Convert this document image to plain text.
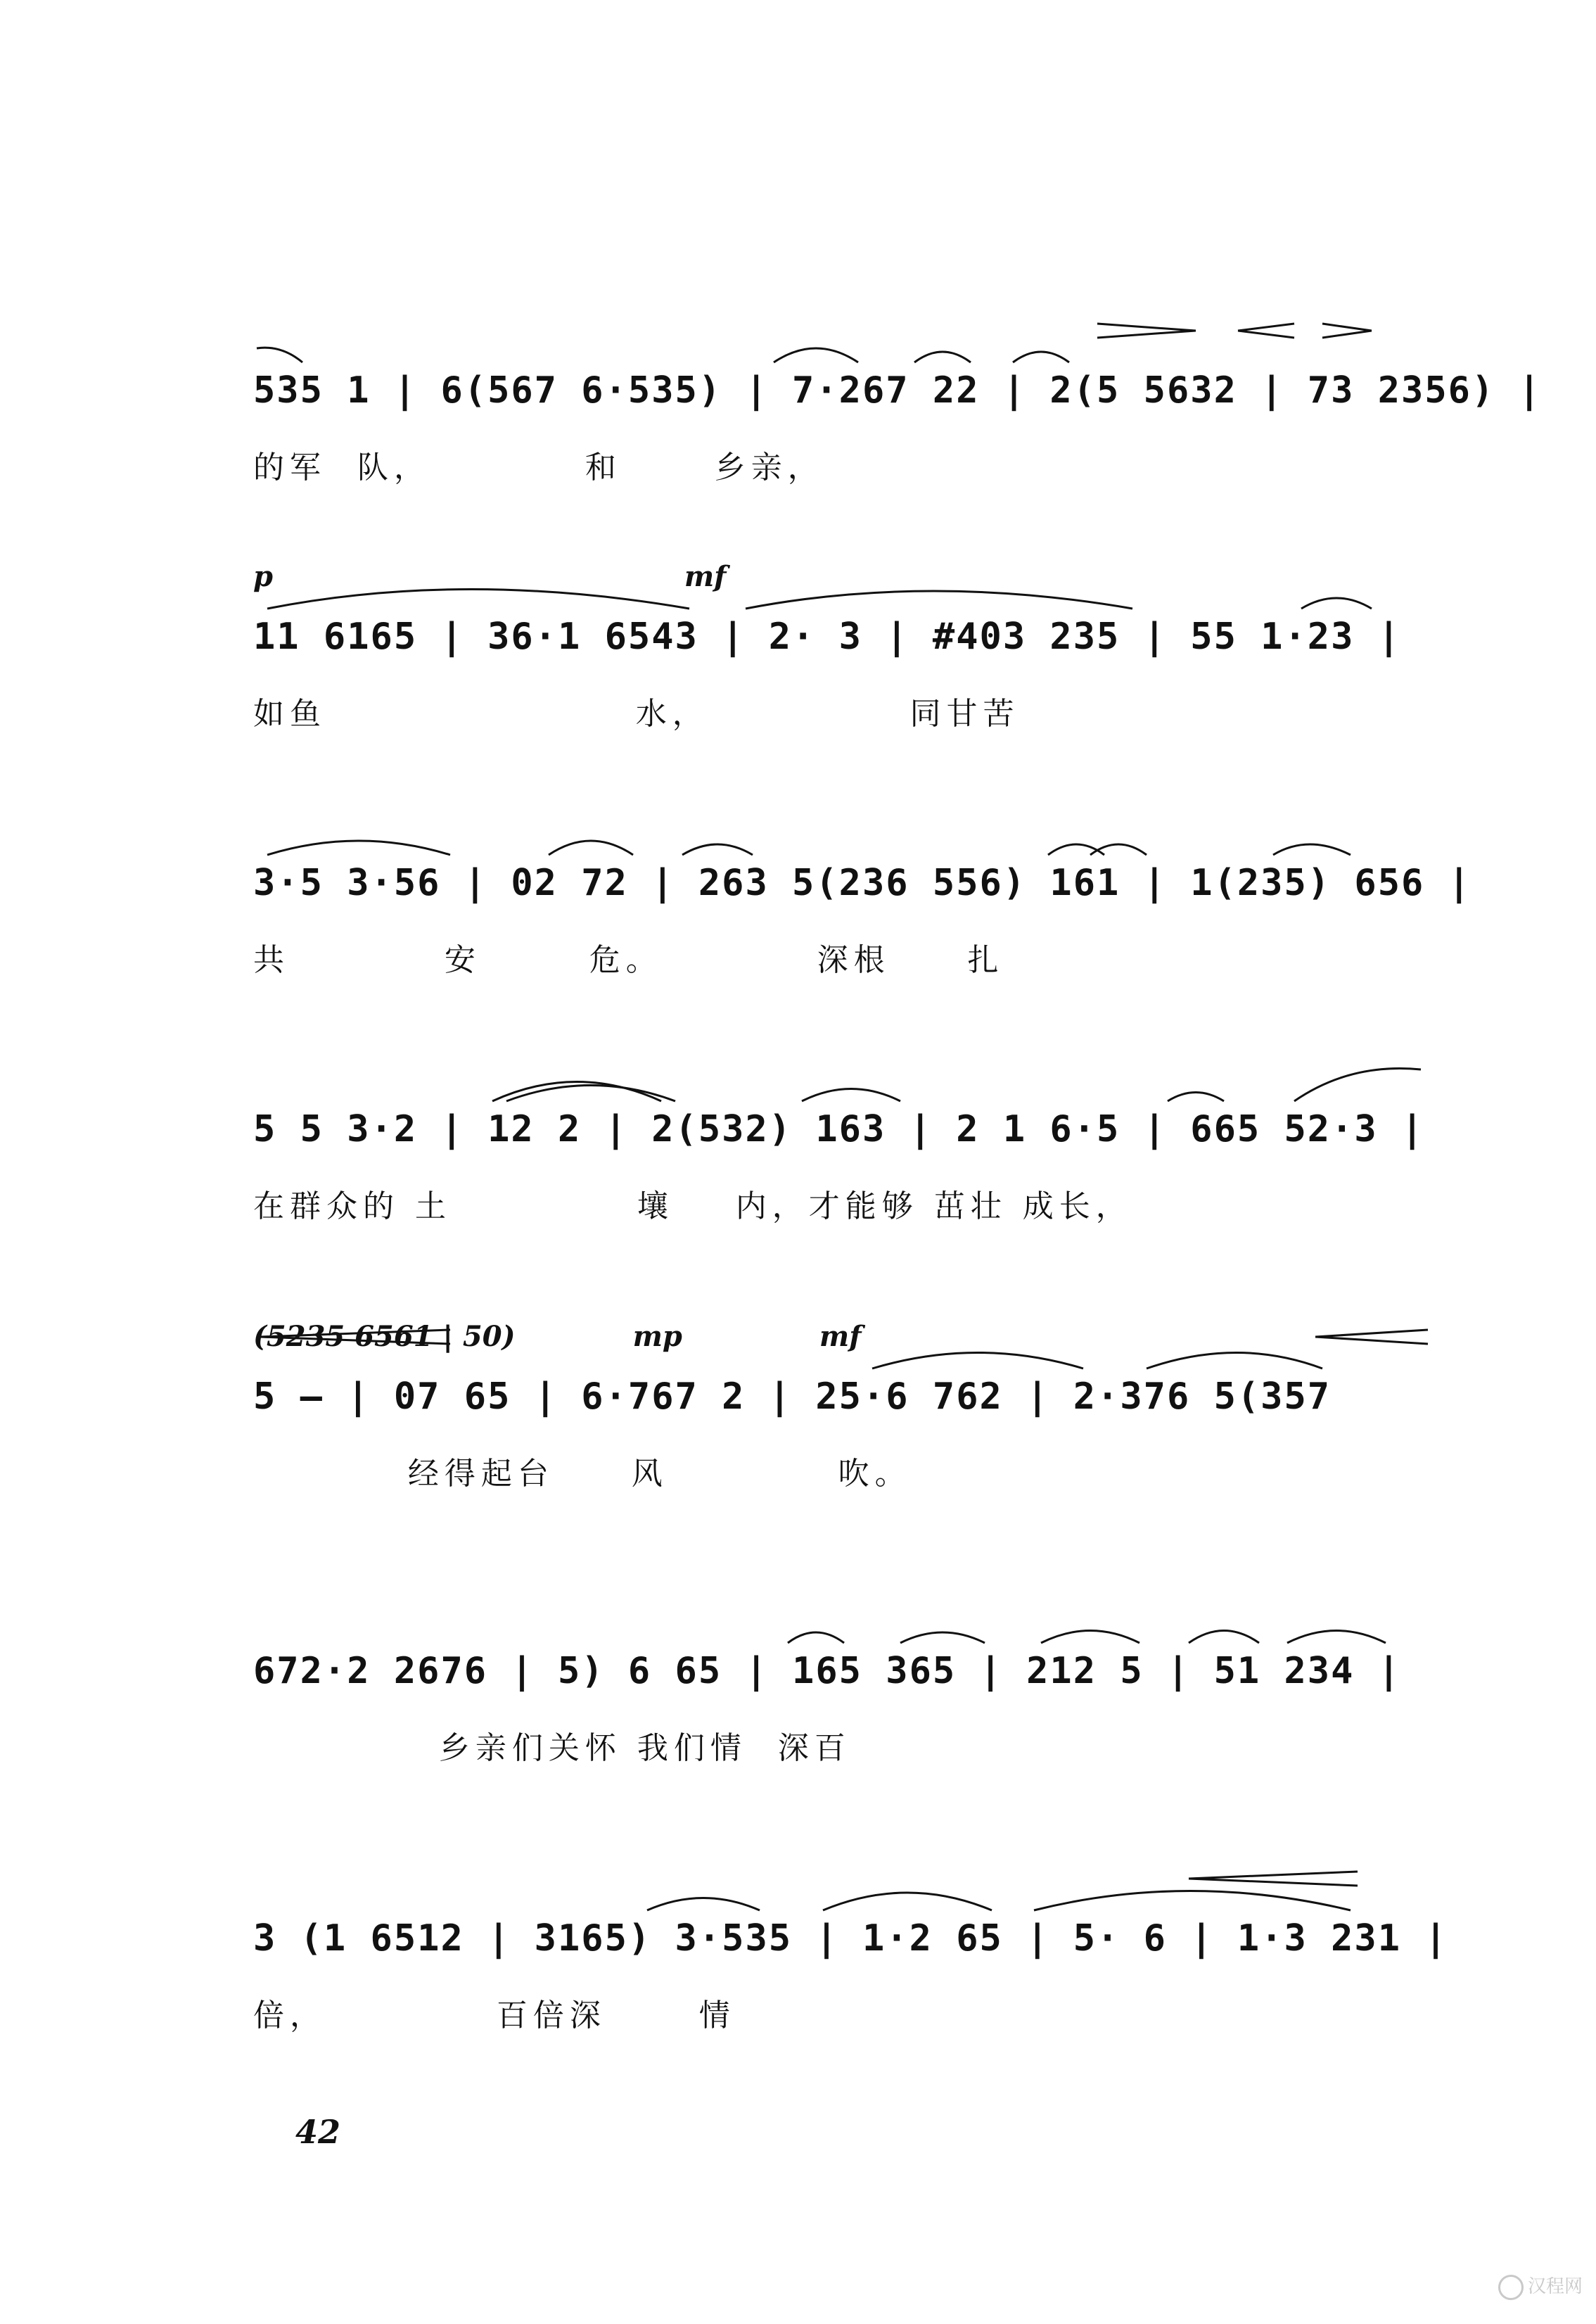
535 1 | 6(567 6·535) | 7·267 22 | 2(5 5632 | 73 2356) |
的军  队，          和      乡亲，
p                                          mf
11 6165 | 36·1 6543 | 2· 3 | #403 235 | 55 1·23 |
如鱼                    水，             同甘苦
3·5 3·56 | 02 72 | 263 5(236 556) 161 | 1(235) 656 |
共          安       危。          深根     扎
5 5 3·2 | 12 2 | 2(532) 163 | 2 1 6·5 | 665 52·3 |
在群众的 土            壤    内，才能够 茁壮 成长，
(5235 6561 | 50)            mp              mf
5 — | 07 65 | 6·767 2 | 25·6 762 | 2·376 5(357
经得起台     风           吹。
672·2 2676 | 5) 6 65 | 165 365 | 212 5 | 51 234 |
乡亲们关怀 我们情  深百
3 (1 6512 | 3165) 3·535 | 1·2 65 | 5· 6 | 1·3 231 |
倍，           百倍深      情
42
汉程网
